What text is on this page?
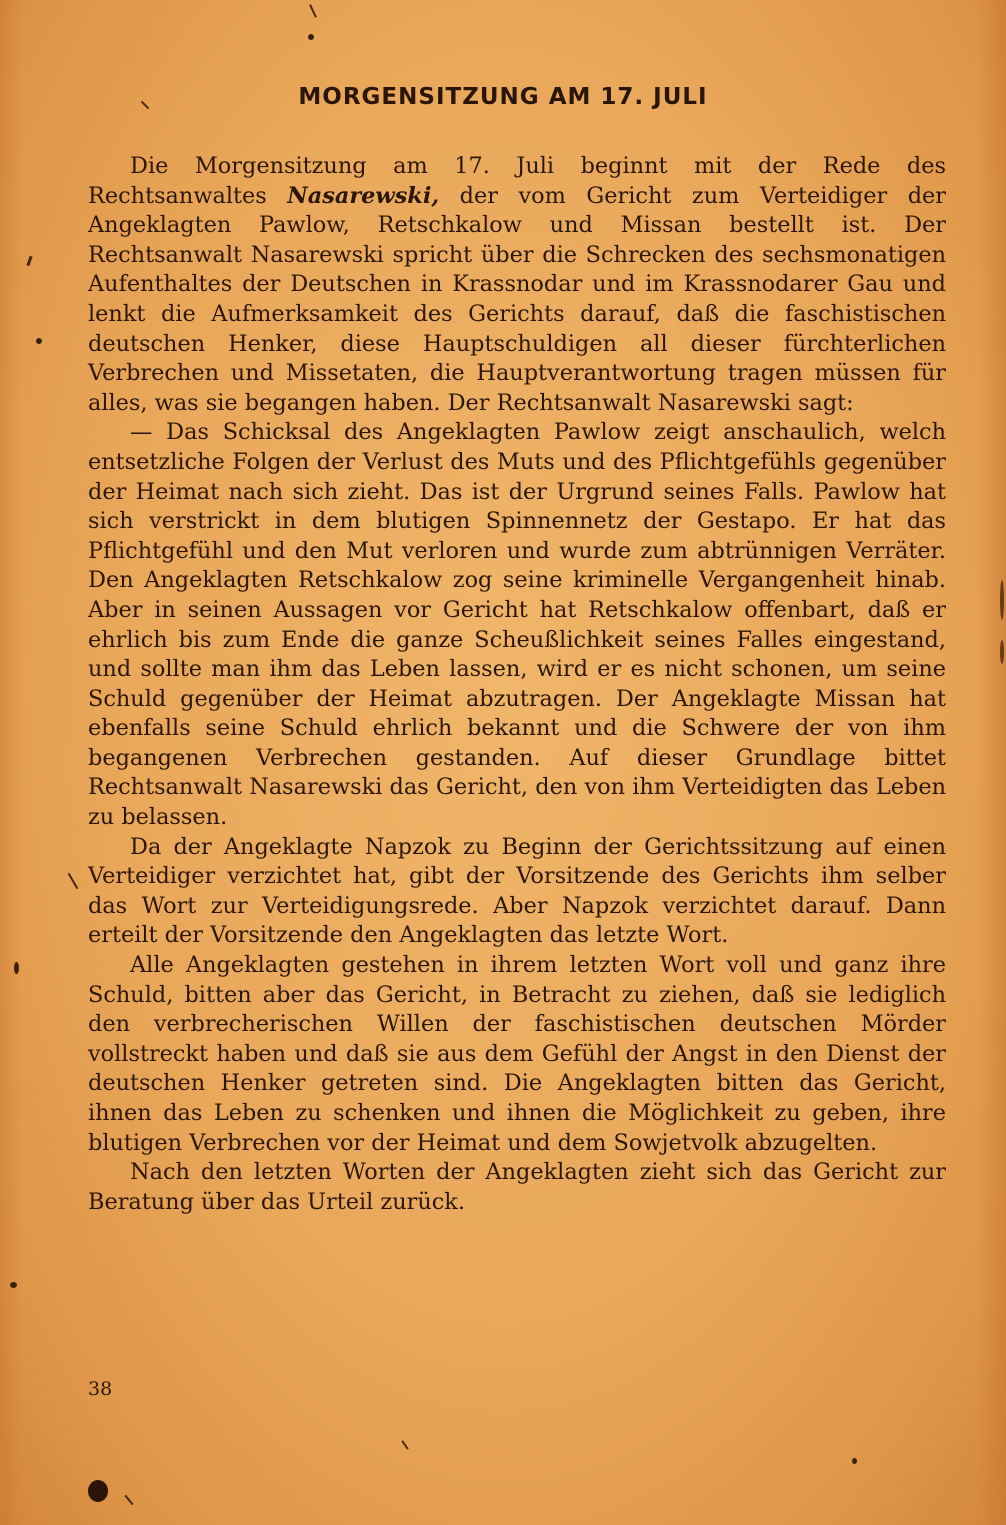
MORGENSITZUNG AM 17. JULI

Die Morgensitzung am 17. Juli beginnt mit der Rede des Rechtsanwaltes Nasarewski, der vom Gericht zum Verteidiger der Angeklagten Pawlow, Retschkalow und Missan bestellt ist. Der Rechtsanwalt Nasarewski spricht über die Schrecken des sechsmonatigen Aufenthaltes der Deutschen in Krassnodar und im Krassnodarer Gau und lenkt die Aufmerksamkeit des Gerichts darauf, daß die faschistischen deutschen Henker, diese Hauptschuldigen all dieser fürchterlichen Verbrechen und Missetaten, die Hauptverantwortung tragen müssen für alles, was sie begangen haben. Der Rechtsanwalt Nasarewski sagt:

— Das Schicksal des Angeklagten Pawlow zeigt anschaulich, welch entsetzliche Folgen der Verlust des Muts und des Pflichtgefühls gegenüber der Heimat nach sich zieht. Das ist der Urgrund seines Falls. Pawlow hat sich verstrickt in dem blutigen Spinnennetz der Gestapo. Er hat das Pflichtgefühl und den Mut verloren und wurde zum abtrünnigen Verräter. Den Angeklagten Retschkalow zog seine kriminelle Vergangenheit hinab. Aber in seinen Aussagen vor Gericht hat Retschkalow offenbart, daß er ehrlich bis zum Ende die ganze Scheußlichkeit seines Falles eingestand, und sollte man ihm das Leben lassen, wird er es nicht schonen, um seine Schuld gegenüber der Heimat abzutragen. Der Angeklagte Missan hat ebenfalls seine Schuld ehrlich bekannt und die Schwere der von ihm begangenen Verbrechen gestanden. Auf dieser Grundlage bittet Rechtsanwalt Nasarewski das Gericht, den von ihm Verteidigten das Leben zu belassen.

Da der Angeklagte Napzok zu Beginn der Gerichtssitzung auf einen Verteidiger verzichtet hat, gibt der Vorsitzende des Gerichts ihm selber das Wort zur Verteidigungsrede. Aber Napzok verzichtet darauf. Dann erteilt der Vorsitzende den Angeklagten das letzte Wort.

Alle Angeklagten gestehen in ihrem letzten Wort voll und ganz ihre Schuld, bitten aber das Gericht, in Betracht zu ziehen, daß sie lediglich den verbrecherischen Willen der faschistischen deutschen Mörder vollstreckt haben und daß sie aus dem Gefühl der Angst in den Dienst der deutschen Henker getreten sind. Die Angeklagten bitten das Gericht, ihnen das Leben zu schenken und ihnen die Möglichkeit zu geben, ihre blutigen Verbrechen vor der Heimat und dem Sowjetvolk abzugelten.

Nach den letzten Worten der Angeklagten zieht sich das Gericht zur Beratung über das Urteil zurück.

38
